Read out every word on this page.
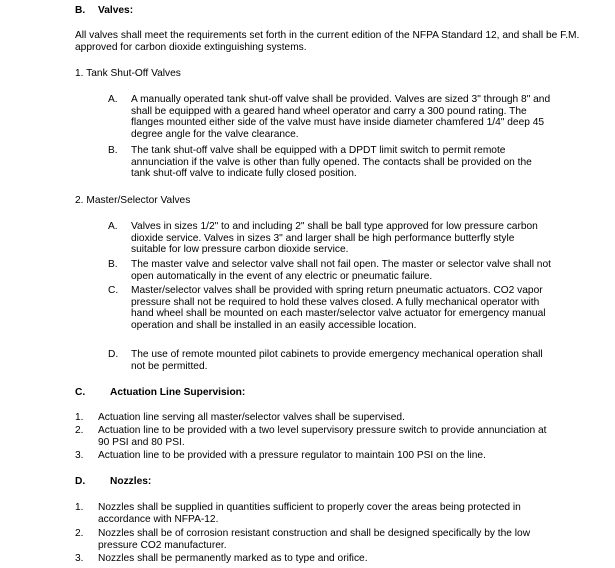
B. Valves:
All valves shall meet the requirements set forth in the current edition of the NFPA Standard 12, and shall be F.M. approved for carbon dioxide extinguishing systems.
1. Tank Shut-Off Valves
A. A manually operated tank shut-off valve shall be provided. Valves are sized 3" through 8" and shall be equipped with a geared hand wheel operator and carry a 300 pound rating. The flanges mounted either side of the valve must have inside diameter chamfered 1/4" deep 45 degree angle for the valve clearance.
B. The tank shut-off valve shall be equipped with a DPDT limit switch to permit remote annunciation if the valve is other than fully opened. The contacts shall be provided on the tank shut-off valve to indicate fully closed position.
2. Master/Selector Valves
A. Valves in sizes 1/2" to and including 2" shall be ball type approved for low pressure carbon dioxide service. Valves in sizes 3" and larger shall be high performance butterfly style suitable for low pressure carbon dioxide service.
B. The master valve and selector valve shall not fail open. The master or selector valve shall not open automatically in the event of any electric or pneumatic failure.
C. Master/selector valves shall be provided with spring return pneumatic actuators. CO2 vapor pressure shall not be required to hold these valves closed. A fully mechanical operator with hand wheel shall be mounted on each master/selector valve actuator for emergency manual operation and shall be installed in an easily accessible location.
D. The use of remote mounted pilot cabinets to provide emergency mechanical operation shall not be permitted.
C. Actuation Line Supervision:
1. Actuation line serving all master/selector valves shall be supervised.
2. Actuation line to be provided with a two level supervisory pressure switch to provide annunciation at 90 PSI and 80 PSI.
3. Actuation line to be provided with a pressure regulator to maintain 100 PSI on the line.
D. Nozzles:
1. Nozzles shall be supplied in quantities sufficient to properly cover the areas being protected in accordance with NFPA-12.
2. Nozzles shall be of corrosion resistant construction and shall be designed specifically by the low pressure CO2 manufacturer.
3. Nozzles shall be permanently marked as to type and orifice.
